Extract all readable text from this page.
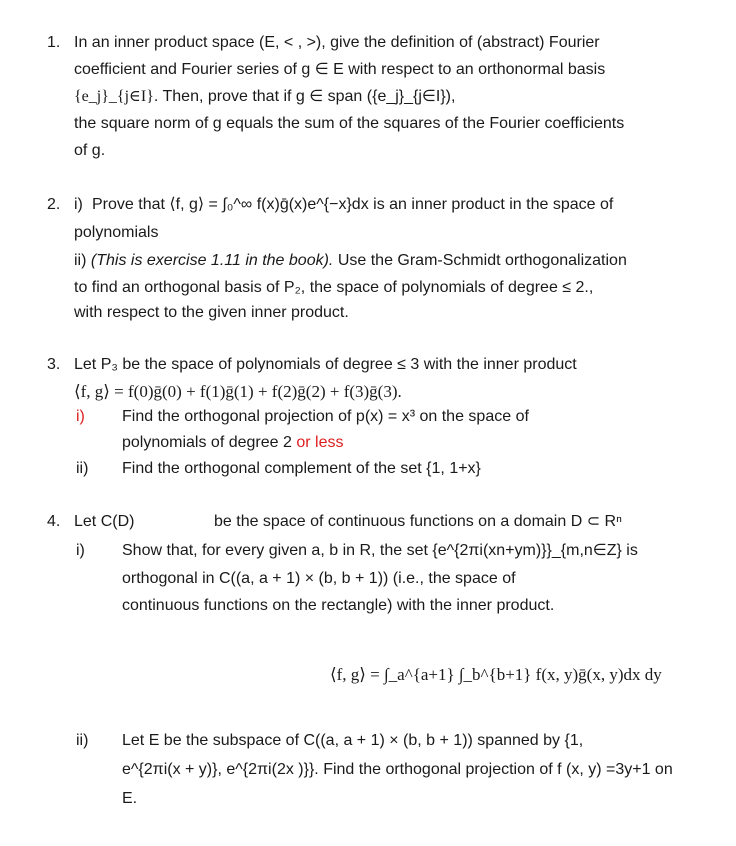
1. In an inner product space (E, < , >), give the definition of (abstract) Fourier
coefficient and Fourier series of g ∈ E with respect to an orthonormal basis
{e_j}_{j∈I}. Then, prove that if g ∈ span ({e_j}_{j∈I}),
the square norm of g equals the sum of the squares of the Fourier coefficients
of g.
2. i) Prove that ⟨f, g⟩ = ∫₀^∞ f(x)ḡ(x)e^{−x}dx is an inner product in the space of
polynomials
ii) (This is exercise 1.11 in the book). Use the Gram-Schmidt orthogonalization
to find an orthogonal basis of P₂, the space of polynomials of degree ≤ 2.,
with respect to the given inner product.
3. Let P₃ be the space of polynomials of degree ≤ 3 with the inner product
⟨f, g⟩ = f(0)ḡ(0) + f(1)ḡ(1) + f(2)ḡ(2) + f(3)ḡ(3).
i) Find the orthogonal projection of p(x) = x³ on the space of
polynomials of degree 2 or less
ii) Find the orthogonal complement of the set {1, 1+x}
4. Let C(D)	be the space of continuous functions on a domain D ⊂ Rⁿ
i) Show that, for every given a, b in R, the set {e^{2πi(xn+ym)}}_{m,n∈Z} is
orthogonal in C((a, a + 1) × (b, b + 1)) (i.e., the space of
continuous functions on the rectangle) with the inner product.
⟨f, g⟩ = ∫_a^{a+1} ∫_b^{b+1} f(x, y)ḡ(x, y)dx dy
ii) Let E be the subspace of C((a, a + 1) × (b, b + 1)) spanned by {1,
e^{2πi(x + y)}, e^{2πi(2x )}}. Find the orthogonal projection of f (x, y) =3y+1 on
E.
